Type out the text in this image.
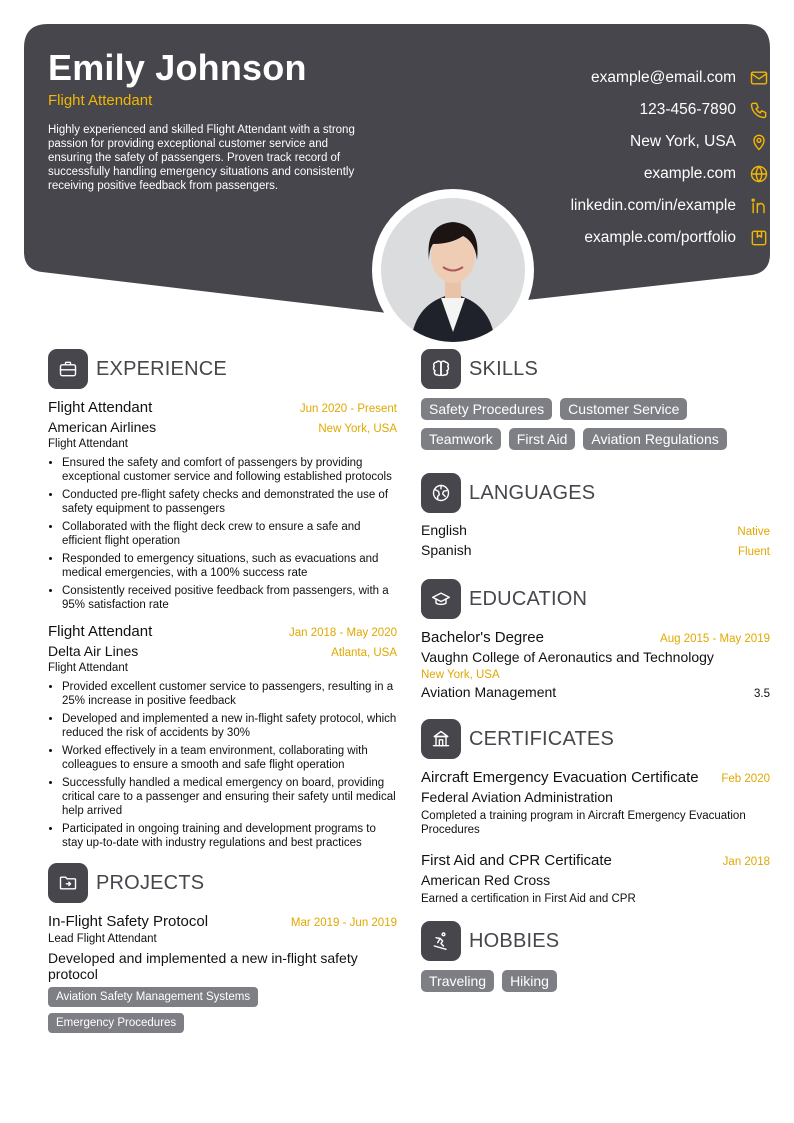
Emily Johnson
Flight Attendant
Highly experienced and skilled Flight Attendant with a strong passion for providing exceptional customer service and ensuring the safety of passengers. Proven track record of successfully handling emergency situations and consistently receiving positive feedback from passengers.
example@email.com
123-456-7890
New York, USA
example.com
linkedin.com/in/example
example.com/portfolio
EXPERIENCE
Flight Attendant	Jun 2020 - Present
American Airlines	New York, USA
Flight Attendant
• Ensured the safety and comfort of passengers by providing exceptional customer service and following established protocols
• Conducted pre-flight safety checks and demonstrated the use of safety equipment to passengers
• Collaborated with the flight deck crew to ensure a safe and efficient flight operation
• Responded to emergency situations, such as evacuations and medical emergencies, with a 100% success rate
• Consistently received positive feedback from passengers, with a 95% satisfaction rate
Flight Attendant	Jan 2018 - May 2020
Delta Air Lines	Atlanta, USA
Flight Attendant
• Provided excellent customer service to passengers, resulting in a 25% increase in positive feedback
• Developed and implemented a new in-flight safety protocol, which reduced the risk of accidents by 30%
• Worked effectively in a team environment, collaborating with colleagues to ensure a smooth and safe flight operation
• Successfully handled a medical emergency on board, providing critical care to a passenger and ensuring their safety until medical help arrived
• Participated in ongoing training and development programs to stay up-to-date with industry regulations and best practices
PROJECTS
In-Flight Safety Protocol	Mar 2019 - Jun 2019
Lead Flight Attendant
Developed and implemented a new in-flight safety protocol
Aviation Safety Management Systems
Emergency Procedures
SKILLS
Safety Procedures	Customer Service
Teamwork	First Aid	Aviation Regulations
LANGUAGES
English	Native
Spanish	Fluent
EDUCATION
Bachelor's Degree	Aug 2015 - May 2019
Vaughn College of Aeronautics and Technology
New York, USA
Aviation Management	3.5
CERTIFICATES
Aircraft Emergency Evacuation Certificate Feb 2020
Federal Aviation Administration
Completed a training program in Aircraft Emergency Evacuation Procedures
First Aid and CPR Certificate	Jan 2018
American Red Cross
Earned a certification in First Aid and CPR
HOBBIES
Traveling	Hiking
